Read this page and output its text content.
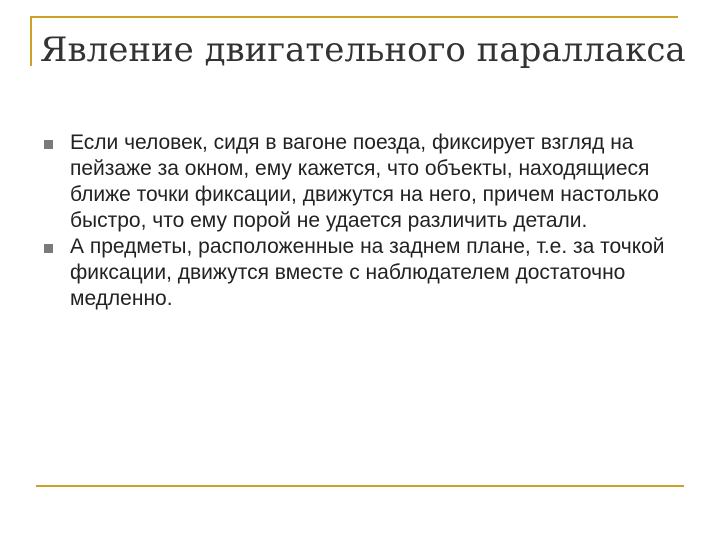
Явление двигательного параллакса
Если человек, сидя в вагоне поезда, фиксирует взгляд на пейзаже за окном, ему кажется, что объекты, находящиеся ближе точки фиксации, движутся на него, причем настолько быстро, что ему порой не удается различить детали.
А предметы, расположенные на заднем плане, т.е. за точкой фиксации, движутся вместе с наблюдателем достаточно медленно.
